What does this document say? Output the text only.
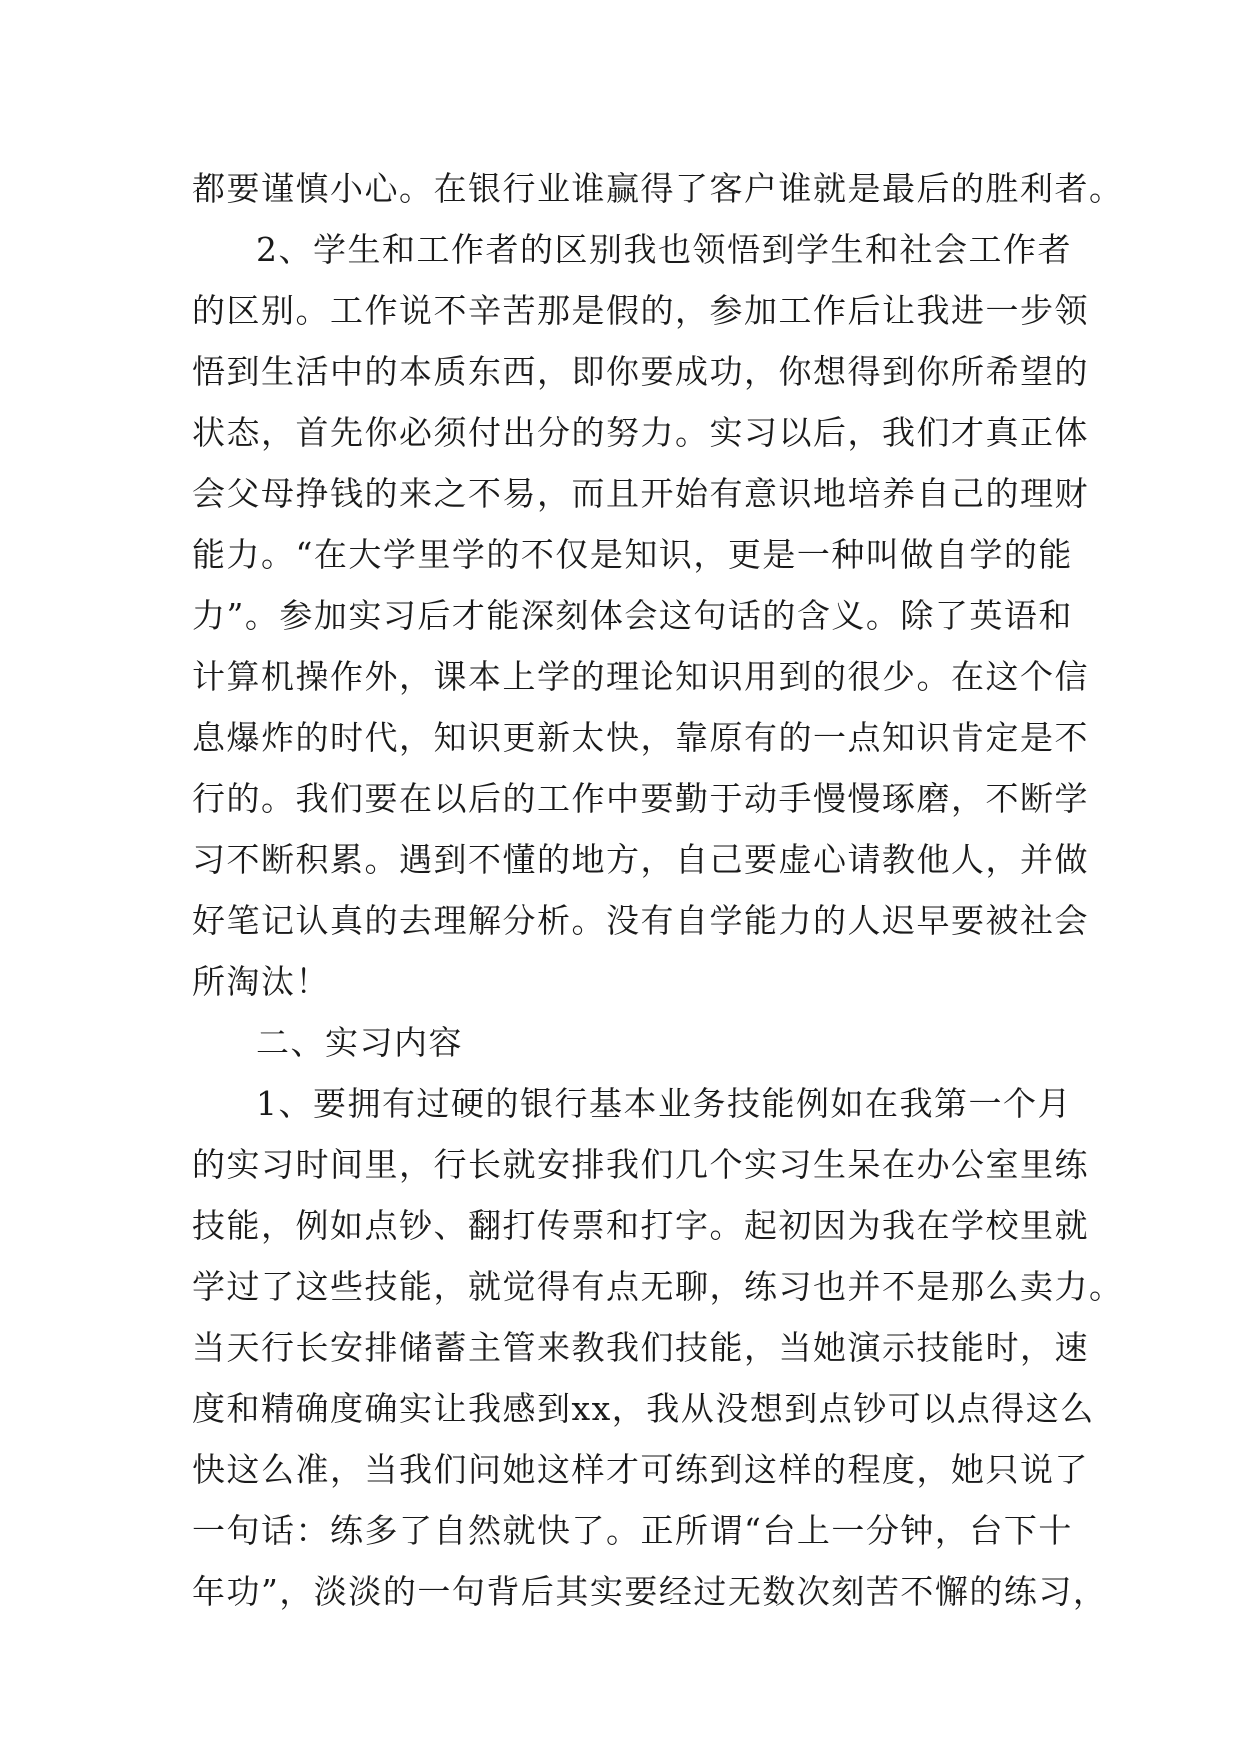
都要谨慎小心。在银行业谁赢得了客户谁就是最后的胜利者。
2、学生和工作者的区别我也领悟到学生和社会工作者
的区别。工作说不辛苦那是假的，参加工作后让我进一步领
悟到生活中的本质东西，即你要成功，你想得到你所希望的
状态，首先你必须付出分的努力。实习以后，我们才真正体
会父母挣钱的来之不易，而且开始有意识地培养自己的理财
能力。“在大学里学的不仅是知识，更是一种叫做自学的能
力”。参加实习后才能深刻体会这句话的含义。除了英语和
计算机操作外，课本上学的理论知识用到的很少。在这个信
息爆炸的时代，知识更新太快，靠原有的一点知识肯定是不
行的。我们要在以后的工作中要勤于动手慢慢琢磨，不断学
习不断积累。遇到不懂的地方，自己要虚心请教他人，并做
好笔记认真的去理解分析。没有自学能力的人迟早要被社会
所淘汰！
二、实习内容
1、要拥有过硬的银行基本业务技能例如在我第一个月
的实习时间里，行长就安排我们几个实习生呆在办公室里练
技能，例如点钞、翻打传票和打字。起初因为我在学校里就
学过了这些技能，就觉得有点无聊，练习也并不是那么卖力。
当天行长安排储蓄主管来教我们技能，当她演示技能时，速
度和精确度确实让我感到xx，我从没想到点钞可以点得这么
快这么准，当我们问她这样才可练到这样的程度，她只说了
一句话：练多了自然就快了。正所谓“台上一分钟，台下十
年功”，淡淡的一句背后其实要经过无数次刻苦不懈的练习，
